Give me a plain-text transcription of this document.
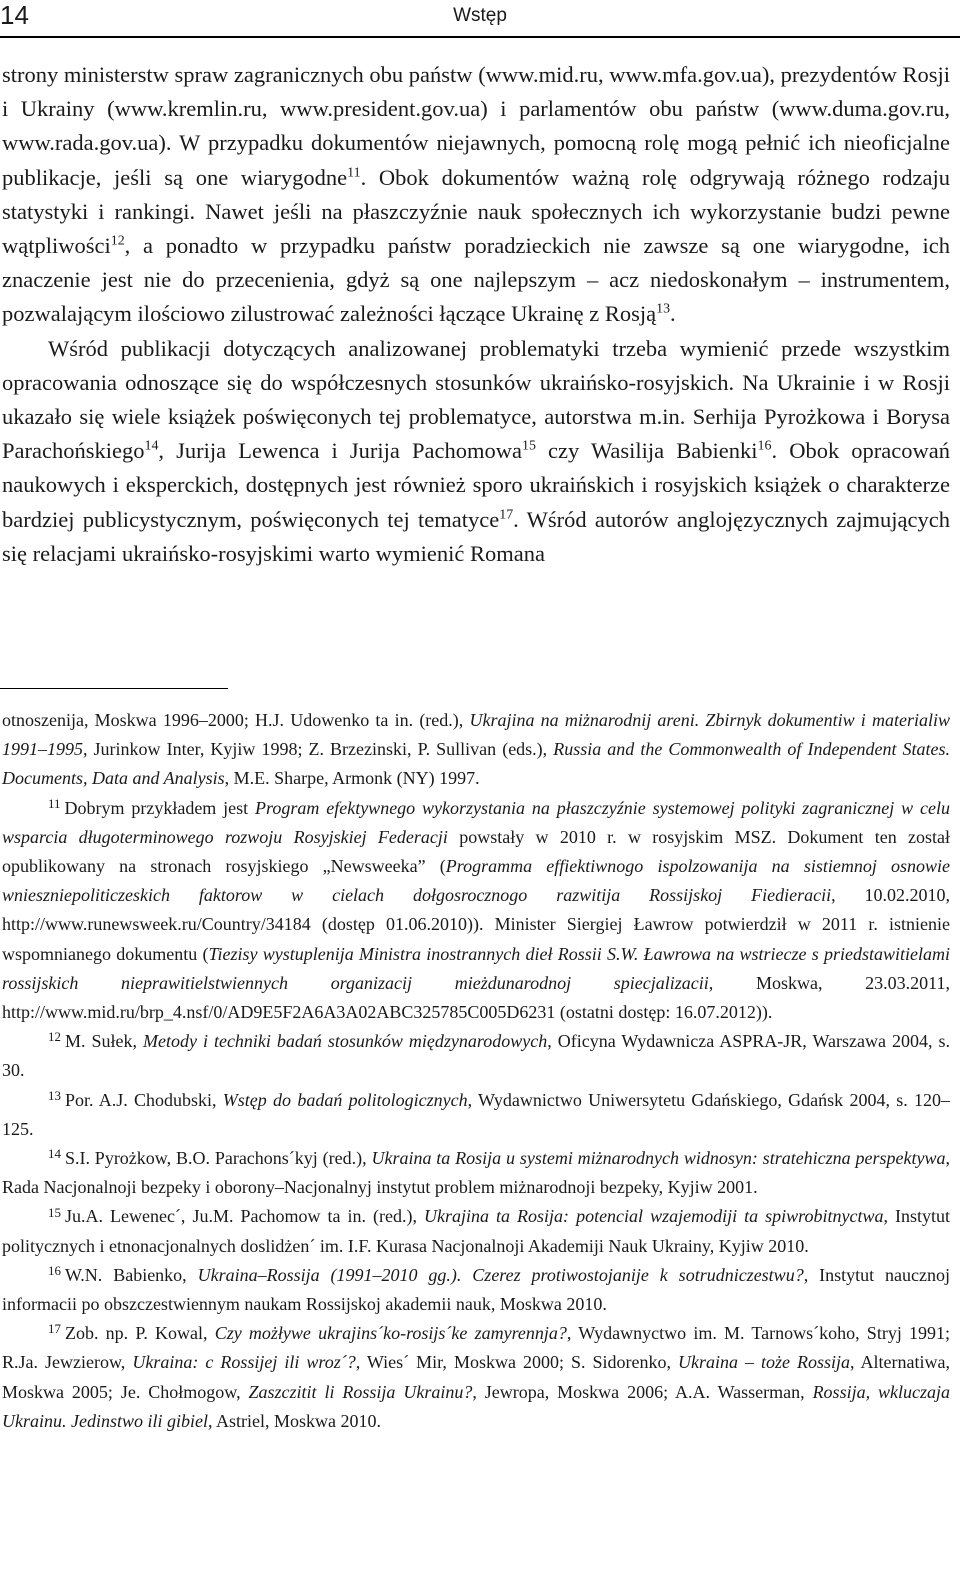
14	Wstęp

strony ministerstw spraw zagranicznych obu państw (www.mid.ru, www.mfa.gov.ua), prezydentów Rosji i Ukrainy (www.kremlin.ru, www.president.gov.ua) i parlamentów obu państw (www.duma.gov.ru, www.rada.gov.ua). W przypadku dokumentów niejawnych, pomocną rolę mogą pełnić ich nieoficjalne publikacje, jeśli są one wiarygodne$^{11}$. Obok dokumentów ważną rolę odgrywają różnego rodzaju statystyki i rankingi. Nawet jeśli na płaszczyźnie nauk społecznych ich wykorzystanie budzi pewne wątpliwości$^{12}$, a ponadto w przypadku państw poradzieckich nie zawsze są one wiarygodne, ich znaczenie jest nie do przecenienia, gdyż są one najlepszym – acz niedoskonałym – instrumentem, pozwalającym ilościowo zilustrować zależności łączące Ukrainę z Rosją$^{13}$.

Wśród publikacji dotyczących analizowanej problematyki trzeba wymienić przede wszystkim opracowania odnoszące się do współczesnych stosunków ukraińsko-rosyjskich. Na Ukrainie i w Rosji ukazało się wiele książek poświęconych tej problematyce, autorstwa m.in. Serhija Pyrożkowa i Borysa Parachońskiego$^{14}$, Jurija Lewenca i Jurija Pachomowa$^{15}$ czy Wasilija Babienki$^{16}$. Obok opracowań naukowych i eksperckich, dostępnych jest również sporo ukraińskich i rosyjskich książek o charakterze bardziej publicystycznym, poświęconych tej tematyce$^{17}$. Wśród autorów anglojęzycznych zajmujących się relacjami ukraińsko-rosyjskimi warto wymienić Romana

otnoszenija, Moskwa 1996–2000; H.J. Udowenko ta in. (red.), Ukrajina na miżnarodnij areni. Zbirnyk dokumentiw i materialiw 1991–1995, Jurinkow Inter, Kyjiw 1998; Z. Brzezinski, P. Sullivan (eds.), Russia and the Commonwealth of Independent States. Documents, Data and Analysis, M.E. Sharpe, Armonk (NY) 1997.

$^{11}$ Dobrym przykładem jest Program efektywnego wykorzystania na płaszczyźnie systemowej polityki zagranicznej w celu wsparcia długoterminowego rozwoju Rosyjskiej Federacji powstały w 2010 r. w rosyjskim MSZ. Dokument ten został opublikowany na stronach rosyjskiego „Newsweeka” (Programma effiektiwnogo ispolzowanija na sistiemnoj osnowie wnieszniepoliticzeskich faktorow w cielach dołgosrocznogo razwitija Rossijskoj Fiedieracii, 10.02.2010, http://www.runewsweek.ru/Country/34184 (dostęp 01.06.2010)). Minister Siergiej Ławrow potwierdził w 2011 r. istnienie wspomnianego dokumentu (Tiezisy wystuplenija Ministra inostrannych dieł Rossii S.W. Ławrowa na wstriecze s priedstawitielami rossijskich nieprawitielstwiennych organizacij mieżdunarodnoj spiecjalizacii, Moskwa, 23.03.2011, http://www.mid.ru/brp_4.nsf/0/AD9E5F2A6A3A02ABC325785C005D6231 (ostatni dostęp: 16.07.2012)).

$^{12}$ M. Sułek, Metody i techniki badań stosunków międzynarodowych, Oficyna Wydawnicza ASPRA-JR, Warszawa 2004, s. 30.

$^{13}$ Por. A.J. Chodubski, Wstęp do badań politologicznych, Wydawnictwo Uniwersytetu Gdańskiego, Gdańsk 2004, s. 120–125.

$^{14}$ S.I. Pyrożkow, B.O. Parachons´kyj (red.), Ukraina ta Rosija u systemi miżnarodnych widnosyn: stratehiczna perspektywa, Rada Nacjonalnoji bezpeky i oborony–Nacjonalnyj instytut problem miżnarodnoji bezpeky, Kyjiw 2001.

$^{15}$ Ju.A. Lewenec´, Ju.M. Pachomow ta in. (red.), Ukrajina ta Rosija: potencial wzajemodiji ta spiwrobitnyctwa, Instytut politycznych i etnonacjonalnych doslidżen´ im. I.F. Kurasa Nacjonalnoji Akademiji Nauk Ukrainy, Kyjiw 2010.

$^{16}$ W.N. Babienko, Ukraina–Rossija (1991–2010 gg.). Czerez protiwostojanije k sotrudniczestwu?, Instytut naucznoj informacii po obszczestwiennym naukam Rossijskoj akademii nauk, Moskwa 2010.

$^{17}$ Zob. np. P. Kowal, Czy możływe ukrajins´ko-rosijs´ke zamyrennja?, Wydawnyctwo im. M. Tarnows´koho, Stryj 1991; R.Ja. Jewzierow, Ukraina: c Rossijej ili wroz´?, Wies´ Mir, Moskwa 2000; S. Sidorenko, Ukraina – tоże Rossija, Alternatiwa, Moskwa 2005; Je. Chołmogow, Zaszczitit li Rossija Ukrainu?, Jewropa, Moskwa 2006; A.A. Wasserman, Rossija, wkluczaja Ukrainu. Jedinstwo ili gibiel, Astriel, Moskwa 2010.
